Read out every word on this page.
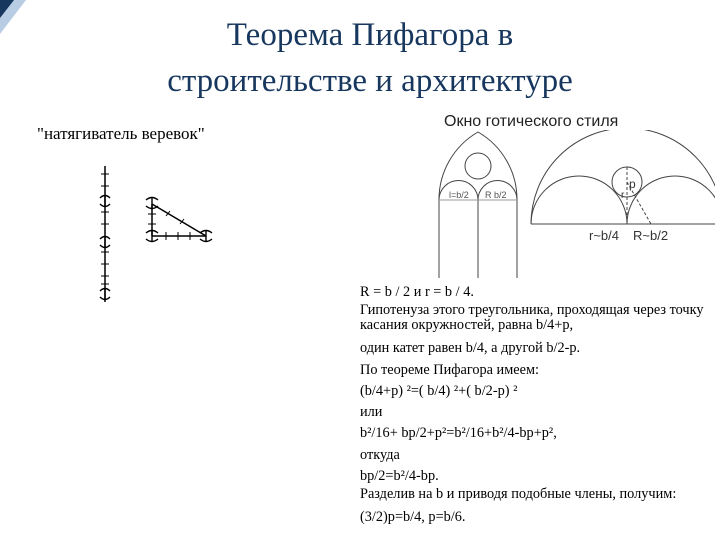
Теорема Пифагора в
строительстве и архитектуре
"натягиватель веревок"
Окно готического стиля
l=b/2 R b/2
p
r
r~b/4 R~b/2
R = b / 2 и r = b / 4.
Гипотенуза этого треугольника, проходящая через точку касания окружностей, равна b/4+p,
один катет равен b/4, а другой b/2-p.
По теореме Пифагора имеем:
(b/4+p) ²=( b/4) ²+( b/2-p) ²
или
b²/16+ bp/2+p²=b²/16+b²/4-bp+p²,
откуда
bp/2=b²/4-bp.
Разделив на b и приводя подобные члены, получим:
(3/2)p=b/4, p=b/6.
